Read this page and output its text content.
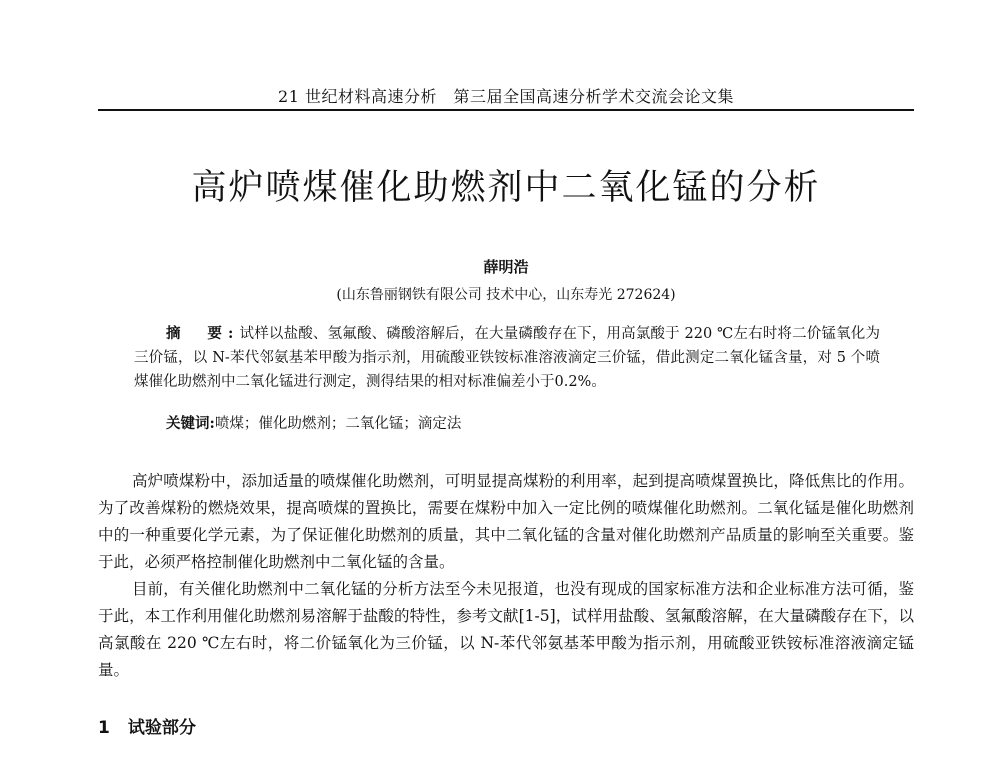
21 世纪材料高速分析　第三届全国高速分析学术交流会论文集
高炉喷煤催化助燃剂中二氧化锰的分析
薛明浩
(山东鲁丽钢铁有限公司 技术中心，山东寿光 272624)
摘　要:试样以盐酸、氢氟酸、磷酸溶解后，在大量磷酸存在下，用高氯酸于 220 ℃左右时将二价锰氧化为三价锰，以 N-苯代邻氨基苯甲酸为指示剂，用硫酸亚铁铵标准溶液滴定三价锰，借此测定二氧化锰含量，对 5 个喷煤催化助燃剂中二氧化锰进行测定，测得结果的相对标准偏差小于0.2%。
关键词:喷煤；催化助燃剂；二氧化锰；滴定法

高炉喷煤粉中，添加适量的喷煤催化助燃剂，可明显提高煤粉的利用率，起到提高喷煤置换比，降低焦比的作用。为了改善煤粉的燃烧效果，提高喷煤的置换比，需要在煤粉中加入一定比例的喷煤催化助燃剂。二氧化锰是催化助燃剂中的一种重要化学元素，为了保证催化助燃剂的质量，其中二氧化锰的含量对催化助燃剂产品质量的影响至关重要。鉴于此，必须严格控制催化助燃剂中二氧化锰的含量。

目前，有关催化助燃剂中二氧化锰的分析方法至今未见报道，也没有现成的国家标准方法和企业标准方法可循，鉴于此，本工作利用催化助燃剂易溶解于盐酸的特性，参考文献[1-5]，试样用盐酸、氢氟酸溶解，在大量磷酸存在下，以高氯酸在 220 ℃左右时，将二价锰氧化为三价锰，以 N-苯代邻氨基苯甲酸为指示剂，用硫酸亚铁铵标准溶液滴定锰量。

1 试验部分
